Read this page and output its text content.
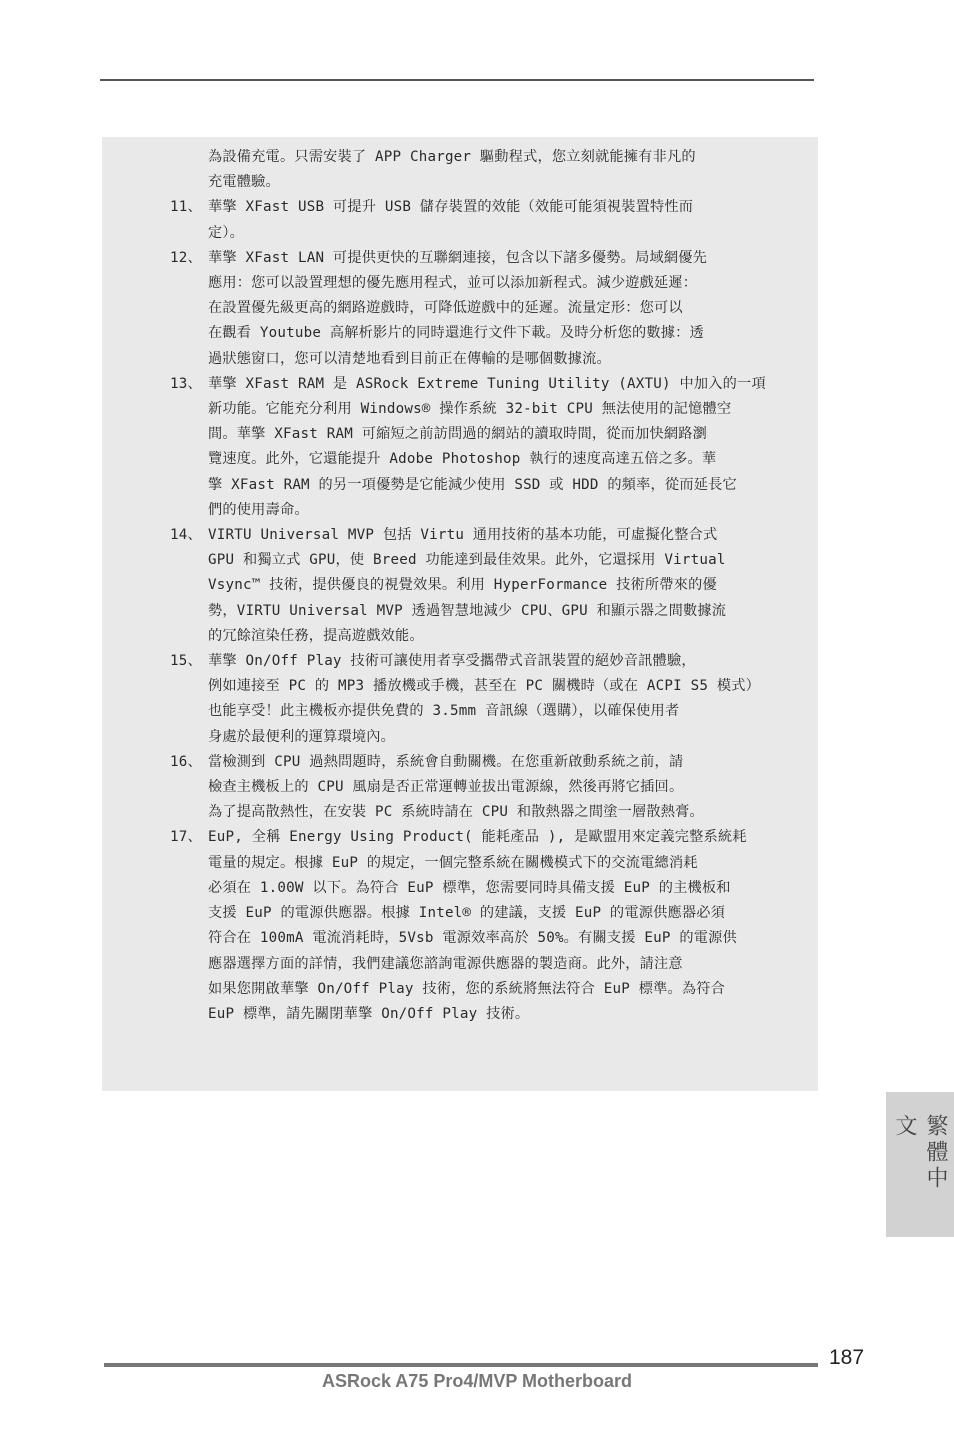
為設備充電。只需安裝了 APP Charger 驅動程式，您立刻就能擁有非凡的
充電體驗。
11、 華擎 XFast USB 可提升 USB 儲存裝置的效能（效能可能須視裝置特性而
定）。
12、 華擎 XFast LAN 可提供更快的互聯網連接，包含以下諸多優勢。局域網優先
應用：您可以設置理想的優先應用程式，並可以添加新程式。減少遊戲延遲：
在設置優先級更高的網路遊戲時，可降低遊戲中的延遲。流量定形：您可以
在觀看 Youtube 高解析影片的同時還進行文件下載。及時分析您的數據：透
過狀態窗口，您可以清楚地看到目前正在傳輸的是哪個數據流。
13、 華擎 XFast RAM 是 ASRock Extreme Tuning Utility (AXTU) 中加入的一項
新功能。它能充分利用 Windows® 操作系統 32-bit CPU 無法使用的記憶體空
間。華擎 XFast RAM 可縮短之前訪問過的網站的讀取時間，從而加快網路瀏
覽速度。此外，它還能提升 Adobe Photoshop 執行的速度高達五倍之多。華
擎 XFast RAM 的另一項優勢是它能減少使用 SSD 或 HDD 的頻率，從而延長它
們的使用壽命。
14、 VIRTU Universal MVP 包括 Virtu 通用技術的基本功能，可虛擬化整合式
GPU 和獨立式 GPU，使 Breed 功能達到最佳效果。此外，它還採用 Virtual
Vsync™ 技術，提供優良的視覺效果。利用 HyperFormance 技術所帶來的優
勢，VIRTU Universal MVP 透過智慧地減少 CPU、GPU 和顯示器之間數據流
的冗餘渲染任務，提高遊戲效能。
15、 華擎 On/Off Play 技術可讓使用者享受攜帶式音訊裝置的絕妙音訊體驗，
例如連接至 PC 的 MP3 播放機或手機，甚至在 PC 關機時（或在 ACPI S5 模式）
也能享受！此主機板亦提供免費的 3.5mm 音訊線（選購），以確保使用者
身處於最便利的運算環境內。
16、 當檢測到 CPU 過熱問題時，系統會自動關機。在您重新啟動系統之前，請
檢查主機板上的 CPU 風扇是否正常運轉並拔出電源線，然後再將它插回。
為了提高散熱性，在安裝 PC 系統時請在 CPU 和散熱器之間塗一層散熱膏。
17、 EuP, 全稱 Energy Using Product( 能耗產品 ), 是歐盟用來定義完整系統耗
電量的規定。根據 EuP 的規定，一個完整系統在關機模式下的交流電總消耗
必須在 1.00W 以下。為符合 EuP 標準，您需要同時具備支援 EuP 的主機板和
支援 EuP 的電源供應器。根據 Intel® 的建議，支援 EuP 的電源供應器必須
符合在 100mA 電流消耗時，5Vsb 電源效率高於 50%。有關支援 EuP 的電源供
應器選擇方面的詳情，我們建議您諮詢電源供應器的製造商。此外，請注意
如果您開啟華擎 On/Off Play 技術，您的系統將無法符合 EuP 標準。為符合
EuP 標準，請先關閉華擎 On/Off Play 技術。
繁體中文
187
ASRock A75 Pro4/MVP Motherboard
